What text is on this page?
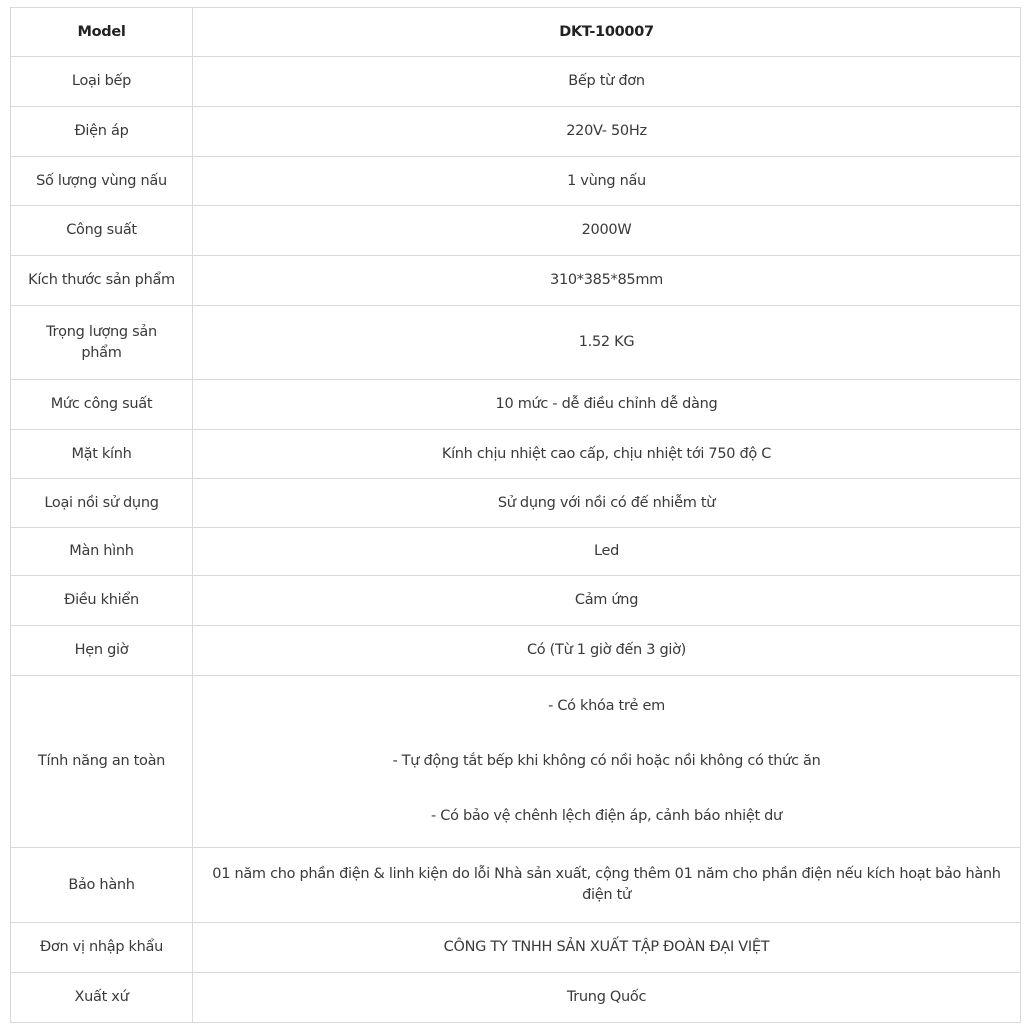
Model	DKT-100007
Loại bếp	Bếp từ đơn
Điện áp	220V- 50Hz
Số lượng vùng nấu	1 vùng nấu
Công suất	2000W
Kích thước sản phẩm	310*385*85mm
Trọng lượng sản phẩm	1.52 KG
Mức công suất	10 mức - dễ điều chỉnh dễ dàng
Mặt kính	Kính chịu nhiệt cao cấp, chịu nhiệt tới 750 độ C
Loại nồi sử dụng	Sử dụng với nồi có đế nhiễm từ
Màn hình	Led
Điều khiển	Cảm ứng
Hẹn giờ	Có (Từ 1 giờ đến 3 giờ)
Tính năng an toàn	- Có khóa trẻ em

- Tự động tắt bếp khi không có nồi hoặc nồi không có thức ăn

- Có bảo vệ chênh lệch điện áp, cảnh báo nhiệt dư

Bảo hành	01 năm cho phần điện & linh kiện do lỗi Nhà sản xuất, cộng thêm 01 năm cho phần điện nếu kích hoạt bảo hành điện tử
Đơn vị nhập khẩu	CÔNG TY TNHH SẢN XUẤT TẬP ĐOÀN ĐẠI VIỆT
Xuất xứ	Trung Quốc
